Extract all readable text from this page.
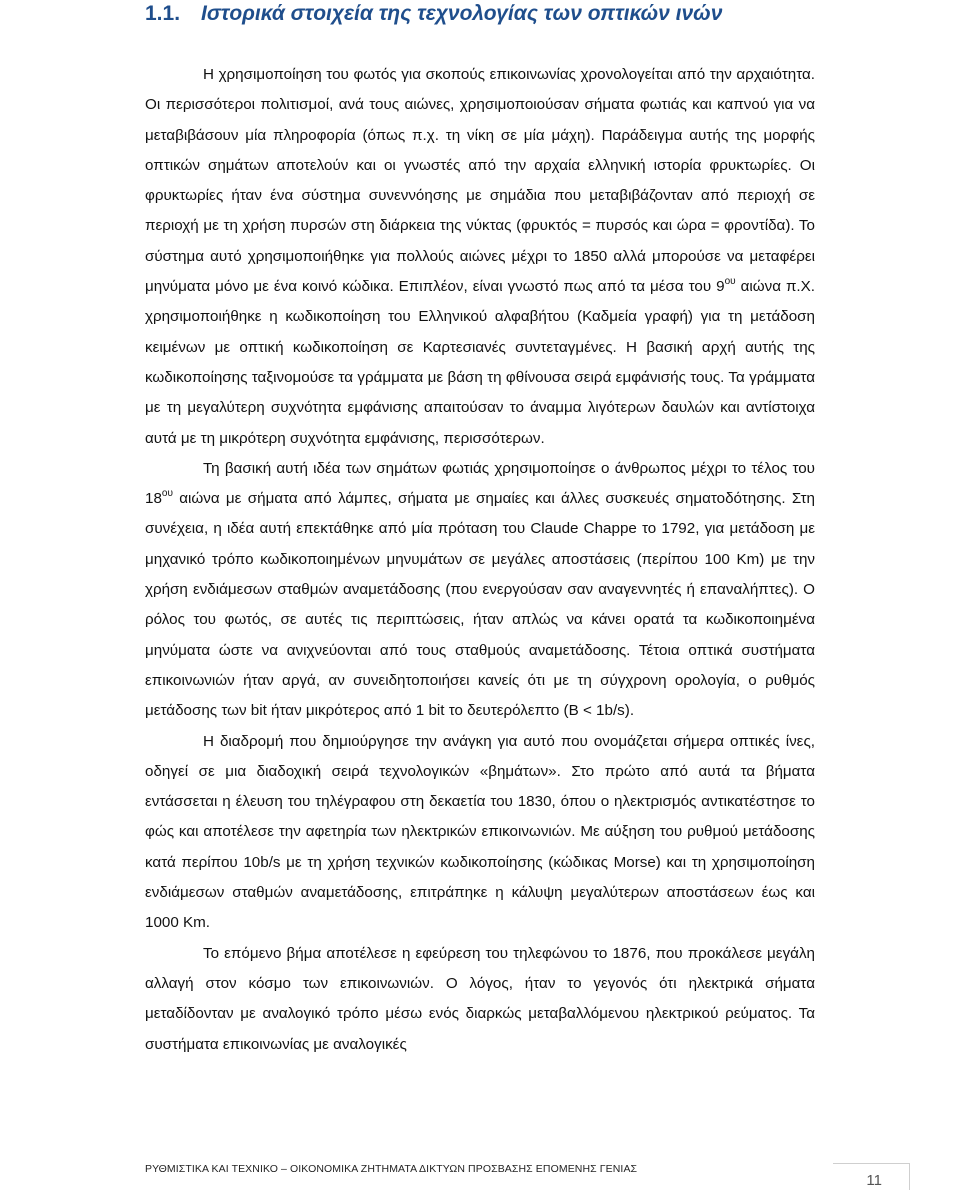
1.1. Ιστορικά στοιχεία της τεχνολογίας των οπτικών ινών

Η χρησιμοποίηση του φωτός για σκοπούς επικοινωνίας χρονολογείται από την αρχαιότητα. Οι περισσότεροι πολιτισμοί, ανά τους αιώνες, χρησιμοποιούσαν σήματα φωτιάς και καπνού για να μεταβιβάσουν μία πληροφορία (όπως π.χ. τη νίκη σε μία μάχη). Παράδειγμα αυτής της μορφής οπτικών σημάτων αποτελούν και οι γνωστές από την αρχαία ελληνική ιστορία φρυκτωρίες. Οι φρυκτωρίες ήταν ένα σύστημα συνεννόησης με σημάδια που μεταβιβάζονταν από περιοχή σε περιοχή με τη χρήση πυρσών στη διάρκεια της νύκτας (φρυκτός = πυρσός και ώρα = φροντίδα). Το σύστημα αυτό χρησιμοποιήθηκε για πολλούς αιώνες μέχρι το 1850 αλλά μπορούσε να μεταφέρει μηνύματα μόνο με ένα κοινό κώδικα. Επιπλέον, είναι γνωστό πως από τα μέσα του $9^{o\upsilon}$ αιώνα π.Χ. χρησιμοποιήθηκε η κωδικοποίηση του Ελληνικού αλφαβήτου (Καδμεία γραφή) για τη μετάδοση κειμένων με οπτική κωδικοποίηση σε Καρτεσιανές συντεταγμένες. Η βασική αρχή αυτής της κωδικοποίησης ταξινομούσε τα γράμματα με βάση τη φθίνουσα σειρά εμφάνισής τους. Τα γράμματα με τη μεγαλύτερη συχνότητα εμφάνισης απαιτούσαν το άναμμα λιγότερων δαυλών και αντίστοιχα αυτά με τη μικρότερη συχνότητα εμφάνισης, περισσότερων.

Τη βασική αυτή ιδέα των σημάτων φωτιάς χρησιμοποίησε ο άνθρωπος μέχρι το τέλος του $18^{o\upsilon}$ αιώνα με σήματα από λάμπες, σήματα με σημαίες και άλλες συσκευές σηματοδότησης. Στη συνέχεια, η ιδέα αυτή επεκτάθηκε από μία πρόταση του Claude Chappe το 1792, για μετάδοση με μηχανικό τρόπο κωδικοποιημένων μηνυμάτων σε μεγάλες αποστάσεις (περίπου 100 Km) με την χρήση ενδιάμεσων σταθμών αναμετάδοσης (που ενεργούσαν σαν αναγεννητές ή επαναλήπτες). Ο ρόλος του φωτός, σε αυτές τις περιπτώσεις, ήταν απλώς να κάνει ορατά τα κωδικοποιημένα μηνύματα ώστε να ανιχνεύονται από τους σταθμούς αναμετάδοσης. Τέτοια οπτικά συστήματα επικοινωνιών ήταν αργά, αν συνειδητοποιήσει κανείς ότι με τη σύγχρονη ορολογία, ο ρυθμός μετάδοσης των bit ήταν μικρότερος από 1 bit το δευτερόλεπτο (B < 1b/s).

Η διαδρομή που δημιούργησε την ανάγκη για αυτό που ονομάζεται σήμερα οπτικές ίνες, οδηγεί σε μια διαδοχική σειρά τεχνολογικών «βημάτων». Στο πρώτο από αυτά τα βήματα εντάσσεται η έλευση του τηλέγραφου στη δεκαετία του 1830, όπου ο ηλεκτρισμός αντικατέστησε το φώς και αποτέλεσε την αφετηρία των ηλεκτρικών επικοινωνιών. Με αύξηση του ρυθμού μετάδοσης κατά περίπου 10b/s με τη χρήση τεχνικών κωδικοποίησης (κώδικας Morse) και τη χρησιμοποίηση ενδιάμεσων σταθμών αναμετάδοσης, επιτράπηκε η κάλυψη μεγαλύτερων αποστάσεων έως και 1000 Km.

Το επόμενο βήμα αποτέλεσε η εφεύρεση του τηλεφώνου το 1876, που προκάλεσε μεγάλη αλλαγή στον κόσμο των επικοινωνιών. Ο λόγος, ήταν το γεγονός ότι ηλεκτρικά σήματα μεταδίδονταν με αναλογικό τρόπο μέσω ενός διαρκώς μεταβαλλόμενου ηλεκτρικού ρεύματος. Τα συστήματα επικοινωνίας με αναλογικές

ΡΥΘΜΙΣΤΙΚΑ ΚΑΙ ΤΕΧΝΙΚΟ – ΟΙΚΟΝΟΜΙΚΑ ΖΗΤΗΜΑΤΑ ΔΙΚΤΥΩΝ ΠΡΟΣΒΑΣΗΣ ΕΠΟΜΕΝΗΣ ΓΕΝΙΑΣ
11
